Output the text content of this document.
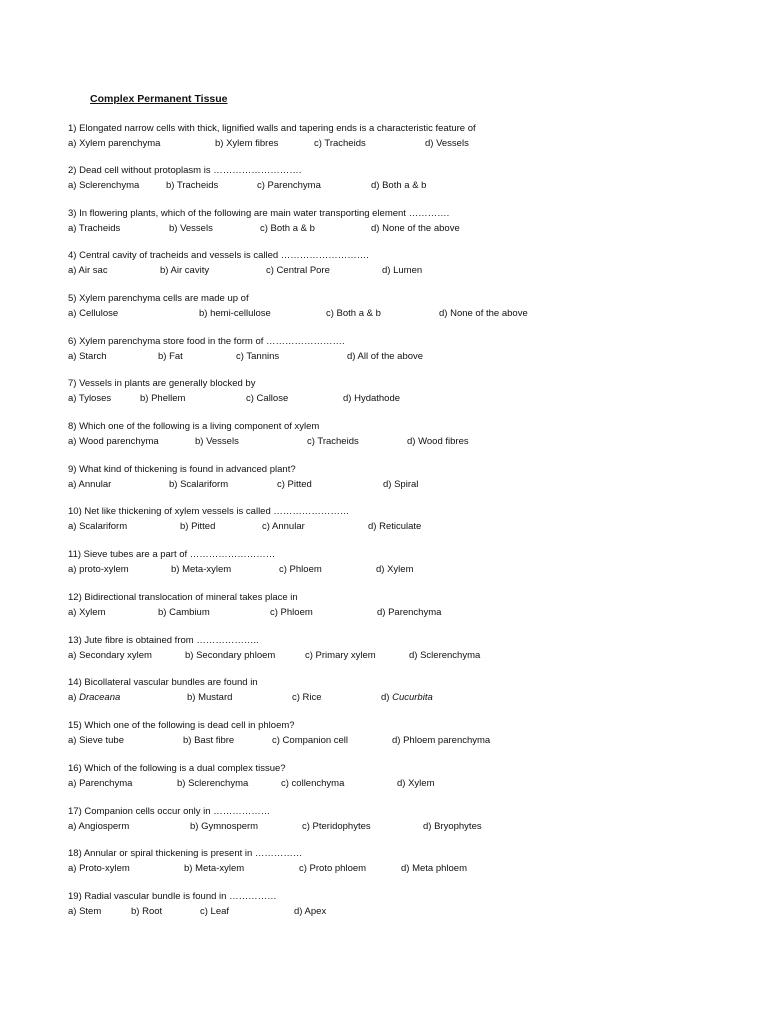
Complex Permanent Tissue
1) Elongated narrow cells with thick, lignified walls and tapering ends is a characteristic feature of
a) Xylem parenchyma	b) Xylem fibres	c) Tracheids	d) Vessels
2) Dead cell without protoplasm is ……………………….
a) Sclerenchyma	b) Tracheids	c) Parenchyma	d) Both a & b
3) In flowering plants, which of the following are main water transporting element ………….
a) Tracheids	b) Vessels	c) Both a & b	d) None of the above
4) Central cavity of tracheids and vessels is called ……………………….
a) Air sac	b) Air cavity	c) Central Pore	d) Lumen
5) Xylem parenchyma cells are made up of
a) Cellulose	b) hemi-cellulose	c) Both a & b	d) None of the above
6) Xylem parenchyma store food in the form of …………………….
a) Starch	b) Fat	c) Tannins	d) All of the above
7) Vessels in plants are generally blocked by
a) Tyloses	b) Phellem	c) Callose	d) Hydathode
8) Which one of the following is a living component of xylem
a) Wood parenchyma	b) Vessels	c) Tracheids	d) Wood fibres
9) What kind of thickening is found in advanced plant?
a) Annular	b) Scalariform	c) Pitted	d) Spiral
10) Net like thickening of xylem vessels is called ……………………
a) Scalariform	b) Pitted	c) Annular	d) Reticulate
11) Sieve tubes are a part of ………………………
a) proto-xylem	b) Meta-xylem	c) Phloem	d) Xylem
12) Bidirectional translocation of mineral takes place in
a) Xylem	b) Cambium	c) Phloem	d) Parenchyma
13) Jute fibre is obtained from ………………..
a) Secondary xylem	b) Secondary phloem	c) Primary xylem	d) Sclerenchyma
14) Bicollateral vascular bundles are found in
a) Draceana	b) Mustard	c) Rice	d) Cucurbita
15) Which one of the following is dead cell in phloem?
a) Sieve tube	b) Bast fibre	c) Companion cell	d) Phloem parenchyma
16) Which of the following is a dual complex tissue?
a) Parenchyma	b) Sclerenchyma	c) collenchyma	d) Xylem
17) Companion cells occur only in ………………
a) Angiosperm	b) Gymnosperm	c) Pteridophytes	d) Bryophytes
18) Annular or spiral thickening is present in ……………
a) Proto-xylem	b) Meta-xylem	c) Proto phloem	d) Meta phloem
19) Radial vascular bundle is found in ……………
a) Stem	b) Root	c) Leaf	d) Apex
